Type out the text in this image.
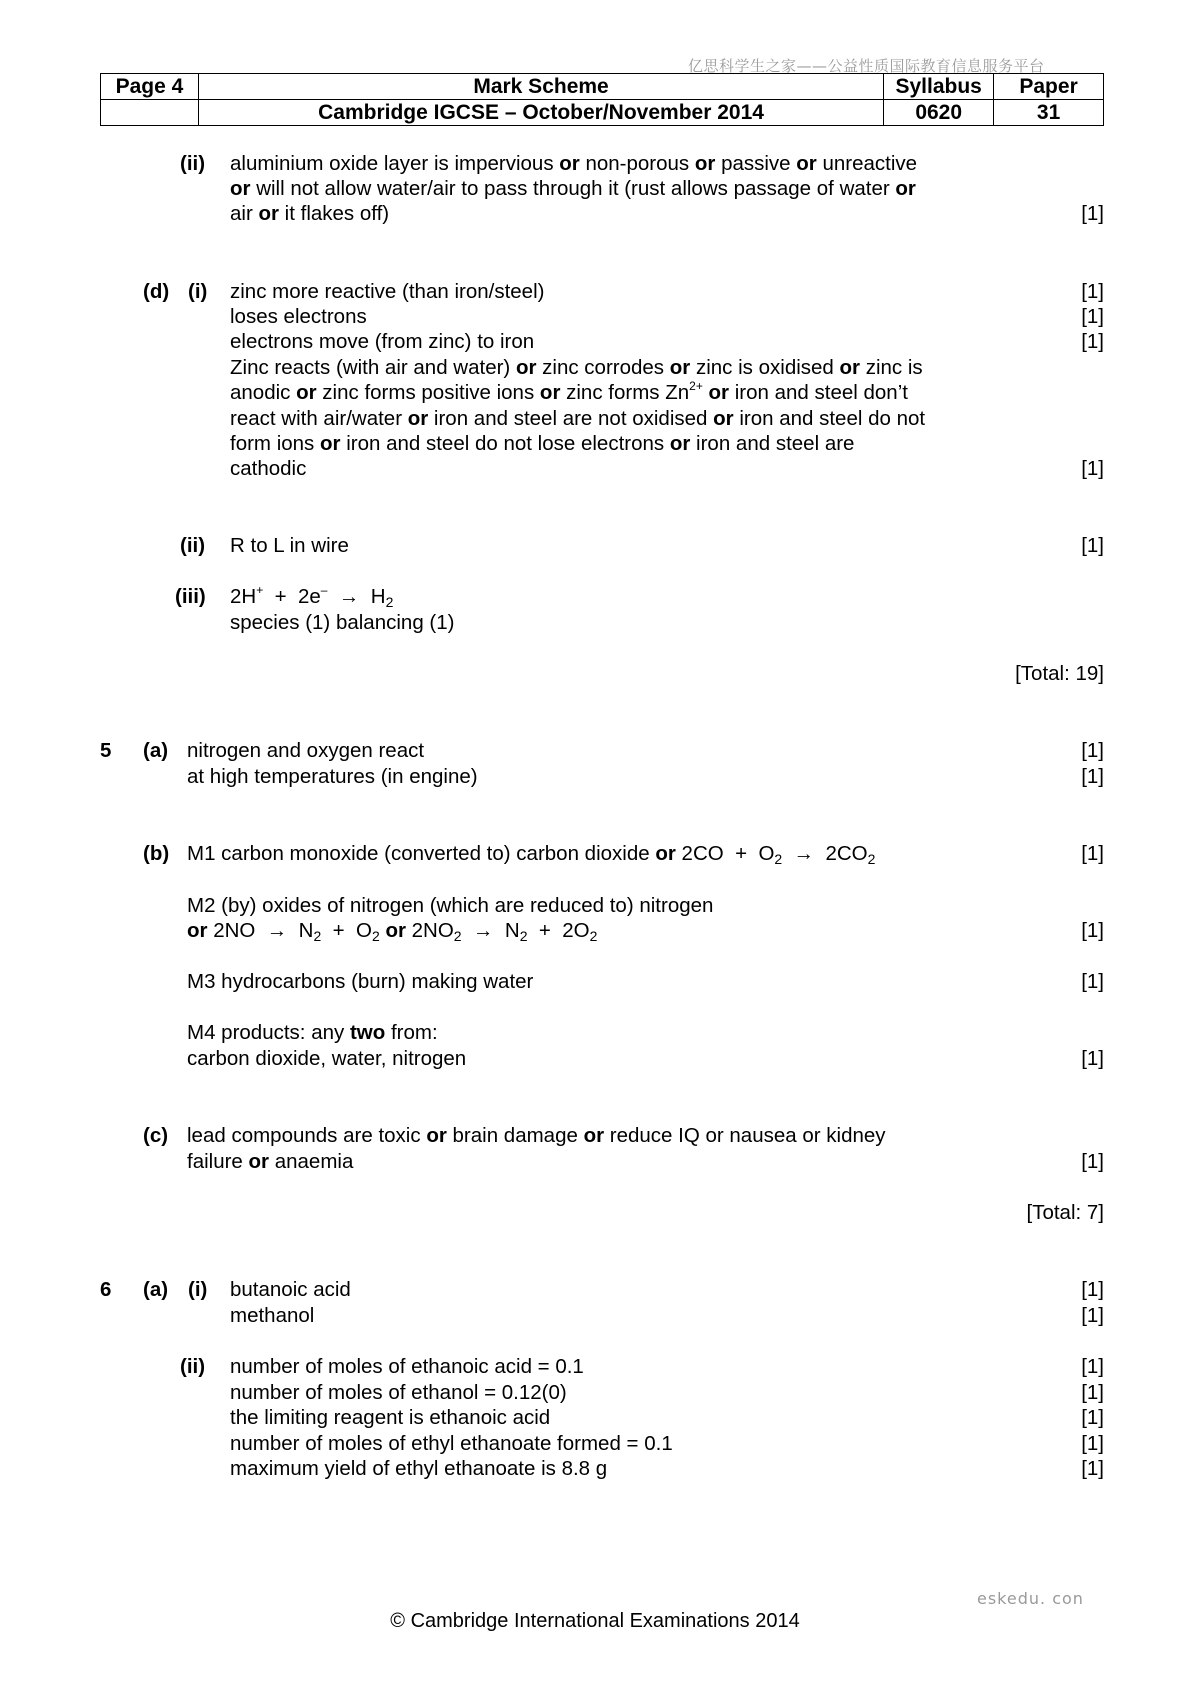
亿思科学生之家——公益性质国际教育信息服务平台
Page 4	Mark Scheme	Syllabus	Paper
	Cambridge IGCSE – October/November 2014	0620	31
(ii) aluminium oxide layer is impervious or non-porous or passive or unreactive
or will not allow water/air to pass through it (rust allows passage of water or
air or it flakes off)	[1]
(d) (i) zinc more reactive (than iron/steel)	[1]
loses electrons	[1]
electrons move (from zinc) to iron	[1]
Zinc reacts (with air and water) or zinc corrodes or zinc is oxidised or zinc is
anodic or zinc forms positive ions or zinc forms $Zn^{2+}$ or iron and steel don’t
react with air/water or iron and steel are not oxidised or iron and steel do not
form ions or iron and steel do not lose electrons or iron and steel are
cathodic	[1]
(ii) R to L in wire	[1]
(iii) $2H^+ + 2e^- \to H_2$
species (1) balancing (1)
[Total: 19]
5 (a) nitrogen and oxygen react	[1]
at high temperatures (in engine)	[1]
(b) M1 carbon monoxide (converted to) carbon dioxide or $2CO + O_2 \to 2CO_2$	[1]
M2 (by) oxides of nitrogen (which are reduced to) nitrogen
or $2NO \to N_2 + O_2$ or $2NO_2 \to N_2 + 2O_2$	[1]
M3 hydrocarbons (burn) making water	[1]
M4 products: any two from:
carbon dioxide, water, nitrogen	[1]
(c) lead compounds are toxic or brain damage or reduce IQ or nausea or kidney
failure or anaemia	[1]
[Total: 7]
6 (a) (i) butanoic acid	[1]
methanol	[1]
(ii) number of moles of ethanoic acid = 0.1	[1]
number of moles of ethanol = 0.12(0)	[1]
the limiting reagent is ethanoic acid	[1]
number of moles of ethyl ethanoate formed = 0.1	[1]
maximum yield of ethyl ethanoate is 8.8 g	[1]
eskedu. con
© Cambridge International Examinations 2014
